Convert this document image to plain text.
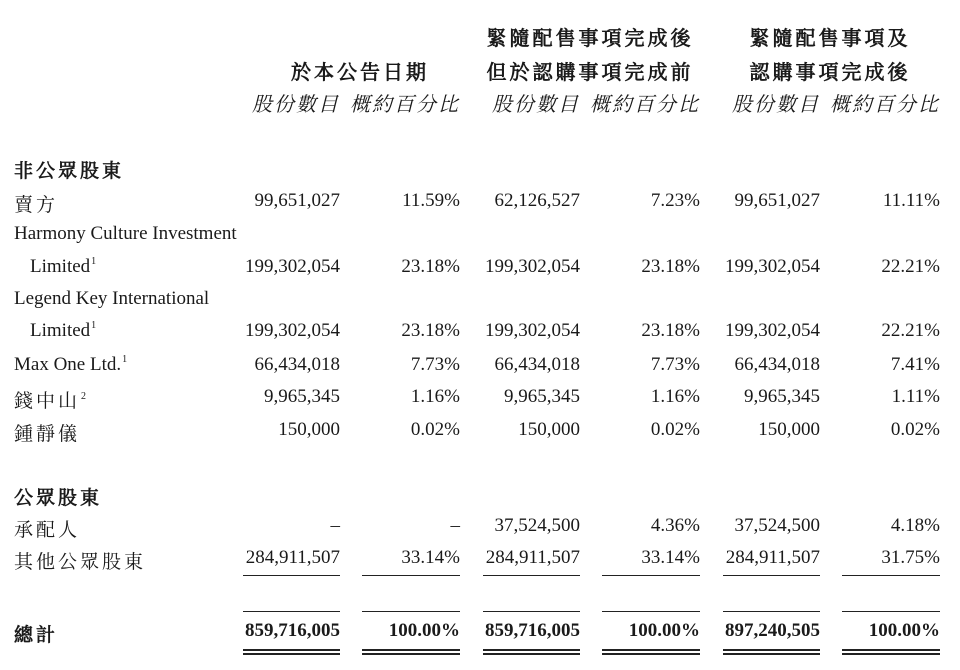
於本公告日期
緊隨配售事項完成後
但於認購事項完成前
緊隨配售事項及
認購事項完成後
股份數目 概約百分比	股份數目 概約百分比	股份數目 概約百分比
非公眾股東
賣方	99,651,027	11.59%	62,126,527	7.23%	99,651,027	11.11%
Harmony Culture Investment
Limited$^1$	199,302,054	23.18%	199,302,054	23.18%	199,302,054	22.21%
Legend Key International
Limited$^1$	199,302,054	23.18%	199,302,054	23.18%	199,302,054	22.21%
Max One Ltd.$^1$	66,434,018	7.73%	66,434,018	7.73%	66,434,018	7.41%
錢中山$^2$	9,965,345	1.16%	9,965,345	1.16%	9,965,345	1.11%
鍾靜儀	150,000	0.02%	150,000	0.02%	150,000	0.02%
公眾股東
承配人	–	–	37,524,500	4.36%	37,524,500	4.18%
其他公眾股東	284,911,507	33.14%	284,911,507	33.14%	284,911,507	31.75%
總計	859,716,005	100.00%	859,716,005	100.00%	897,240,505	100.00%
